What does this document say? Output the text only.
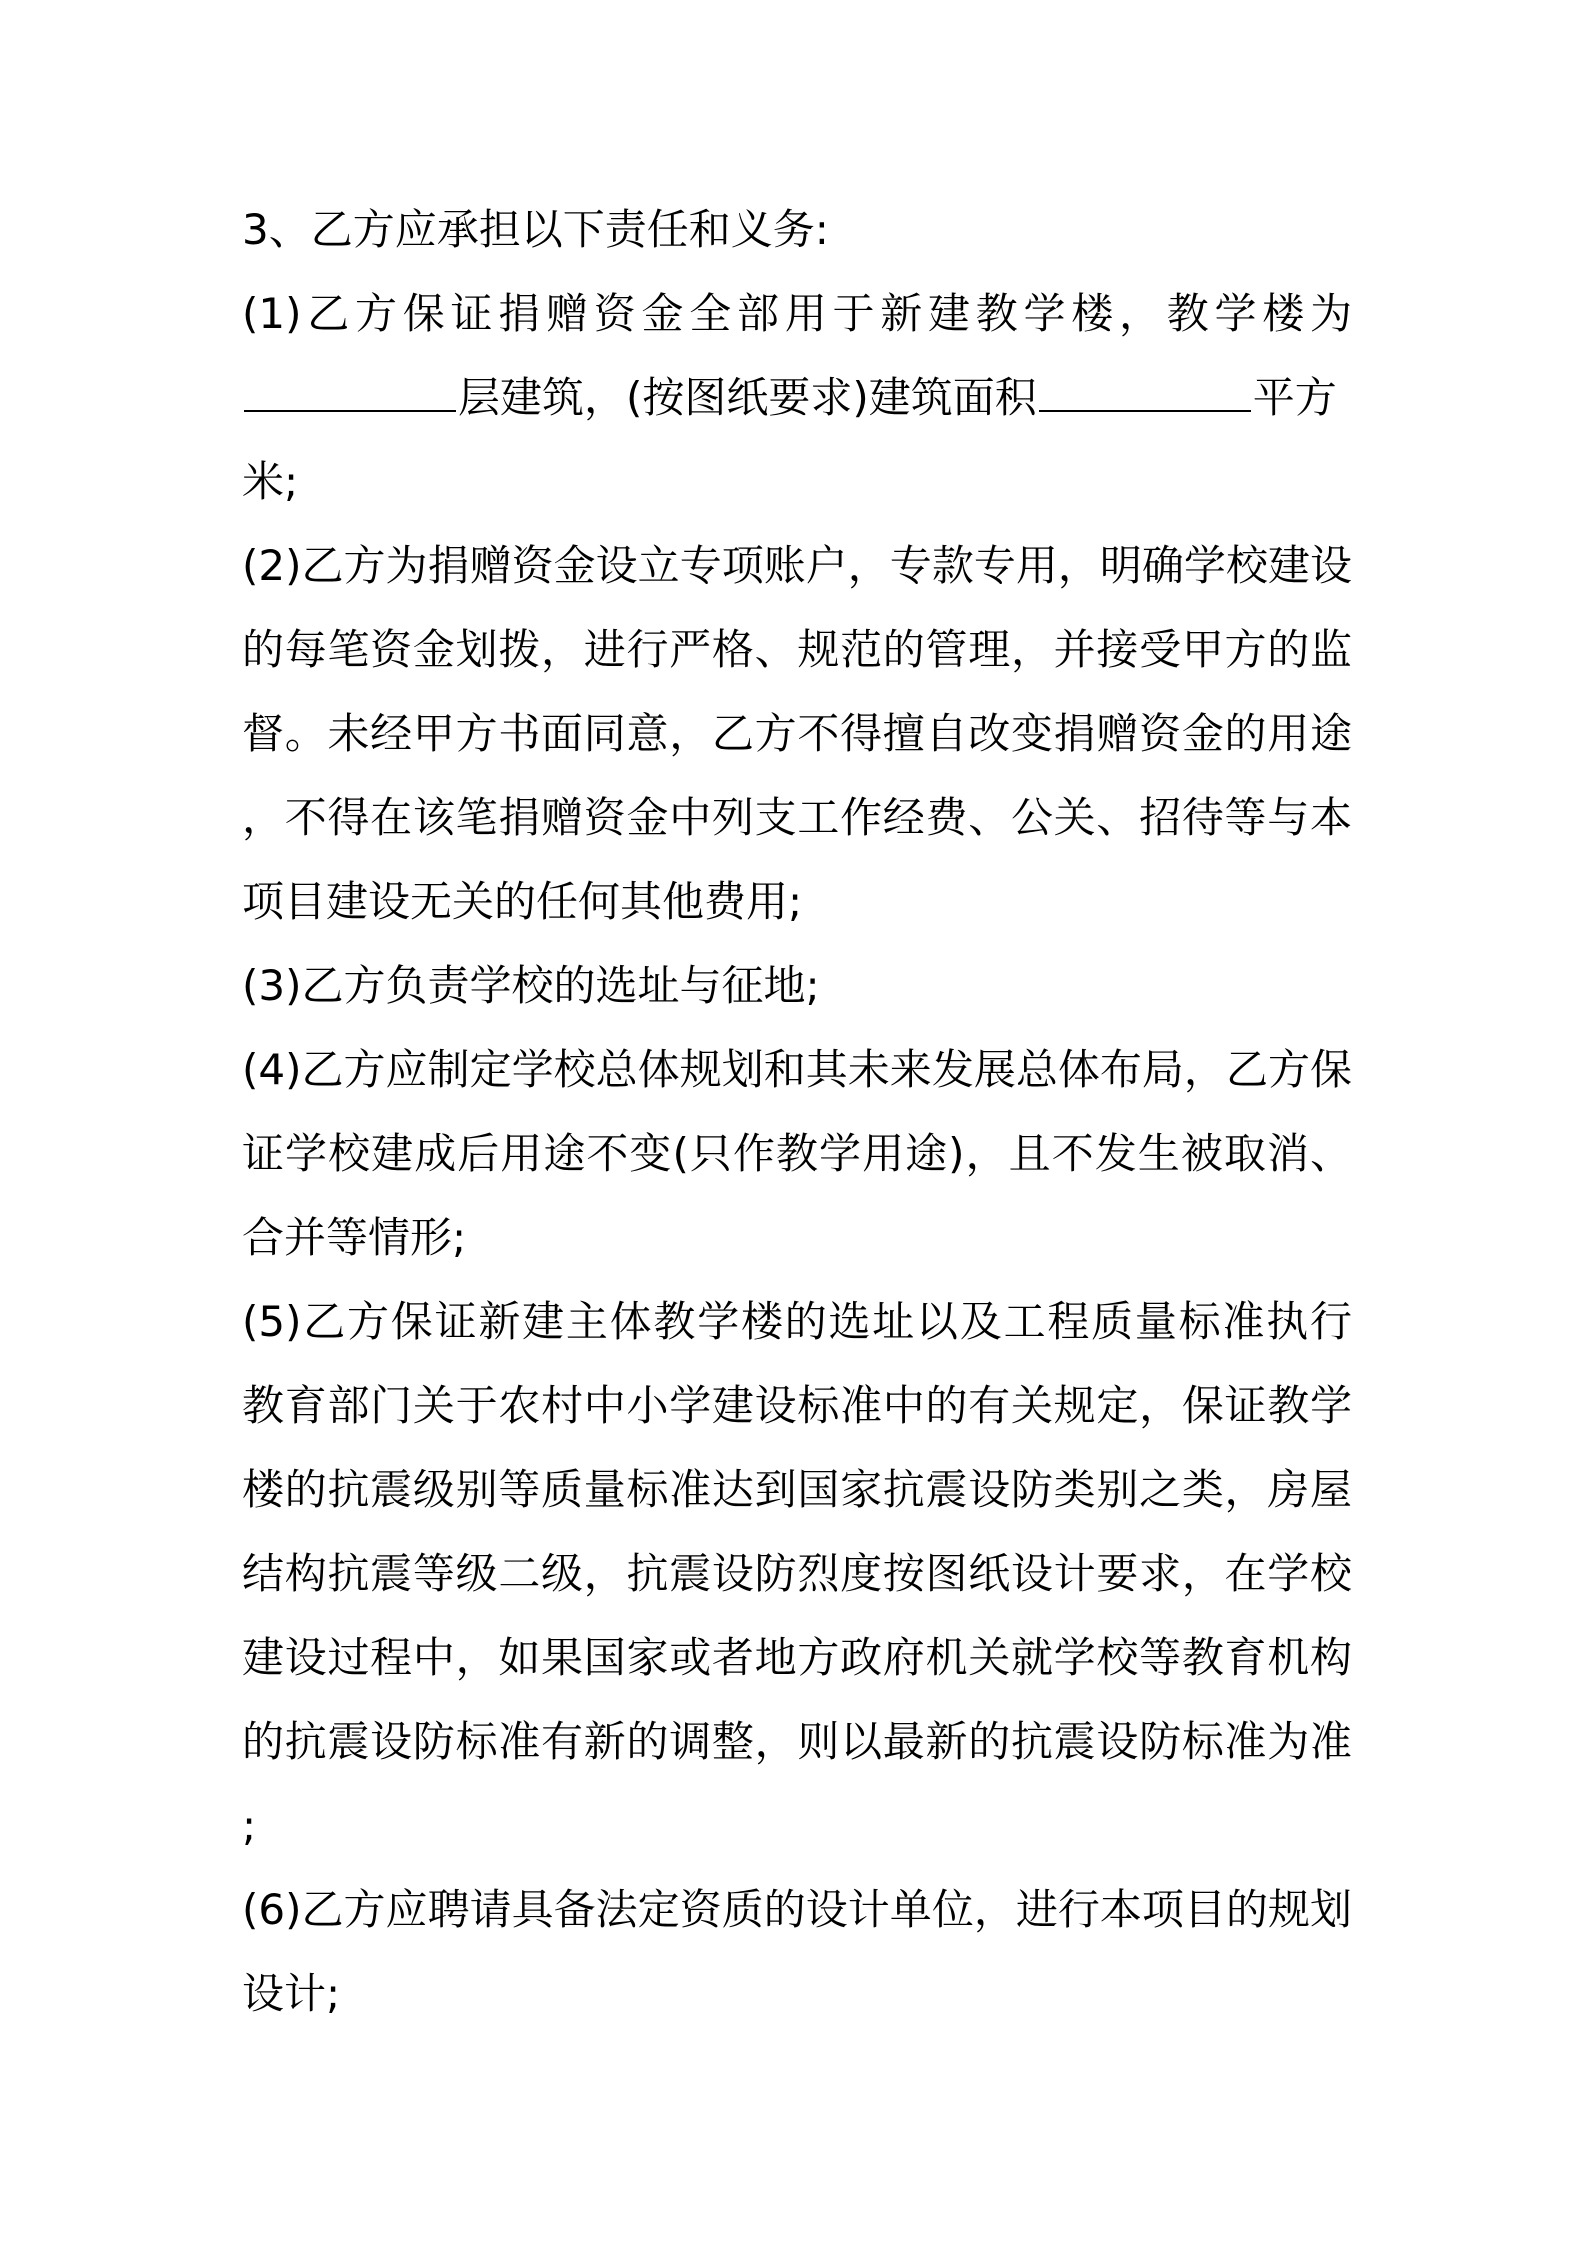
3、乙方应承担以下责任和义务:
(1)乙方保证捐赠资金全部用于新建教学楼，教学楼为
层建筑，(按图纸要求)建筑面积	平方
米;
(2)乙方为捐赠资金设立专项账户，专款专用，明确学校建设
的每笔资金划拨，进行严格、规范的管理，并接受甲方的监
督。未经甲方书面同意，乙方不得擅自改变捐赠资金的用途
，不得在该笔捐赠资金中列支工作经费、公关、招待等与本
项目建设无关的任何其他费用;
(3)乙方负责学校的选址与征地;
(4)乙方应制定学校总体规划和其未来发展总体布局，乙方保
证学校建成后用途不变(只作教学用途)，且不发生被取消、
合并等情形;
(5)乙方保证新建主体教学楼的选址以及工程质量标准执行
教育部门关于农村中小学建设标准中的有关规定，保证教学
楼的抗震级别等质量标准达到国家抗震设防类别之类，房屋
结构抗震等级二级，抗震设防烈度按图纸设计要求，在学校
建设过程中，如果国家或者地方政府机关就学校等教育机构
的抗震设防标准有新的调整，则以最新的抗震设防标准为准
;
(6)乙方应聘请具备法定资质的设计单位，进行本项目的规划
设计;
